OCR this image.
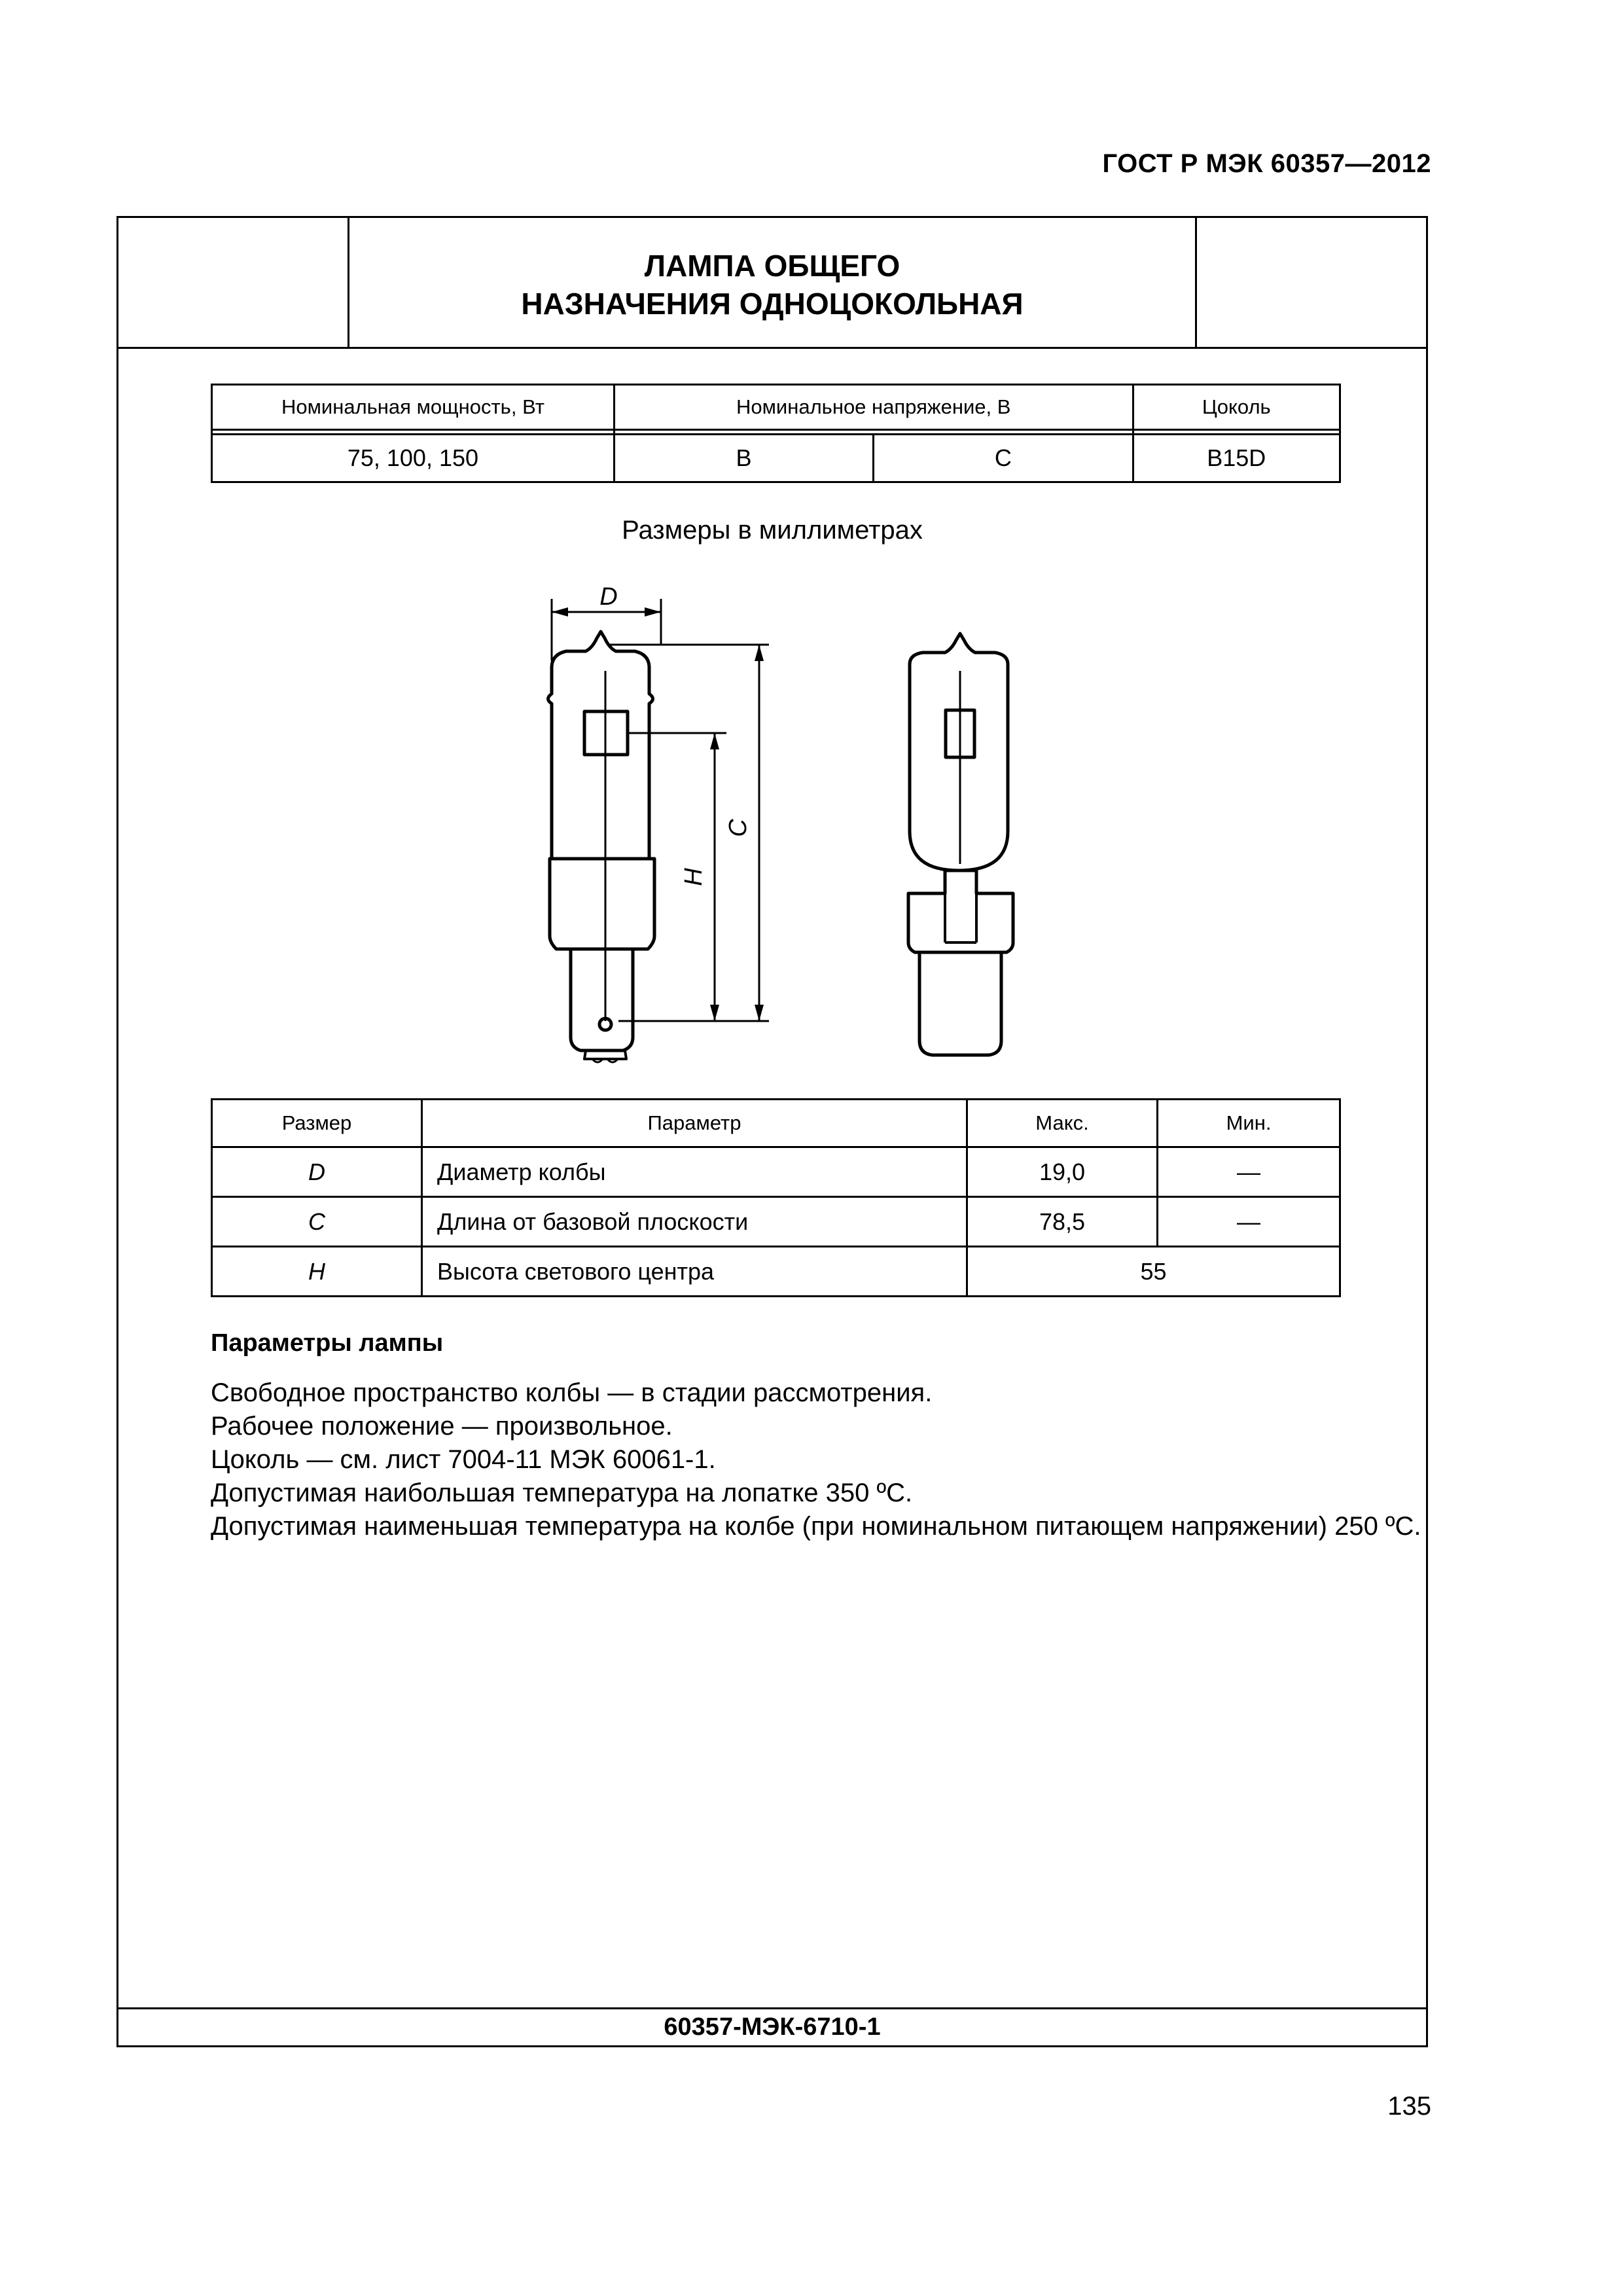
ГОСТ Р МЭК 60357—2012
ЛАМПА ОБЩЕГО
НАЗНАЧЕНИЯ ОДНОЦОКОЛЬНАЯ
Номинальная мощность, Вт	Номинальное напряжение, В		Цоколь

75, 100, 150	B	C	B15D
Размеры в миллиметрах
Размер	Параметр	Макс.	Мин.
D	Диаметр колбы	19,0	—
C	Длина от базовой плоскости	78,5	—
H	Высота светового центра	55	
Параметры лампы
Свободное пространство колбы — в стадии рассмотрения.
Рабочее положение — произвольное.
Цоколь — см. лист 7004-11 МЭК 60061-1.
Допустимая наибольшая температура на лопатке 350 ºС.
Допустимая наименьшая температура на колбе (при номинальном питающем напряжении) 250 ºС.
60357-МЭК-6710-1
D
H
C
135
